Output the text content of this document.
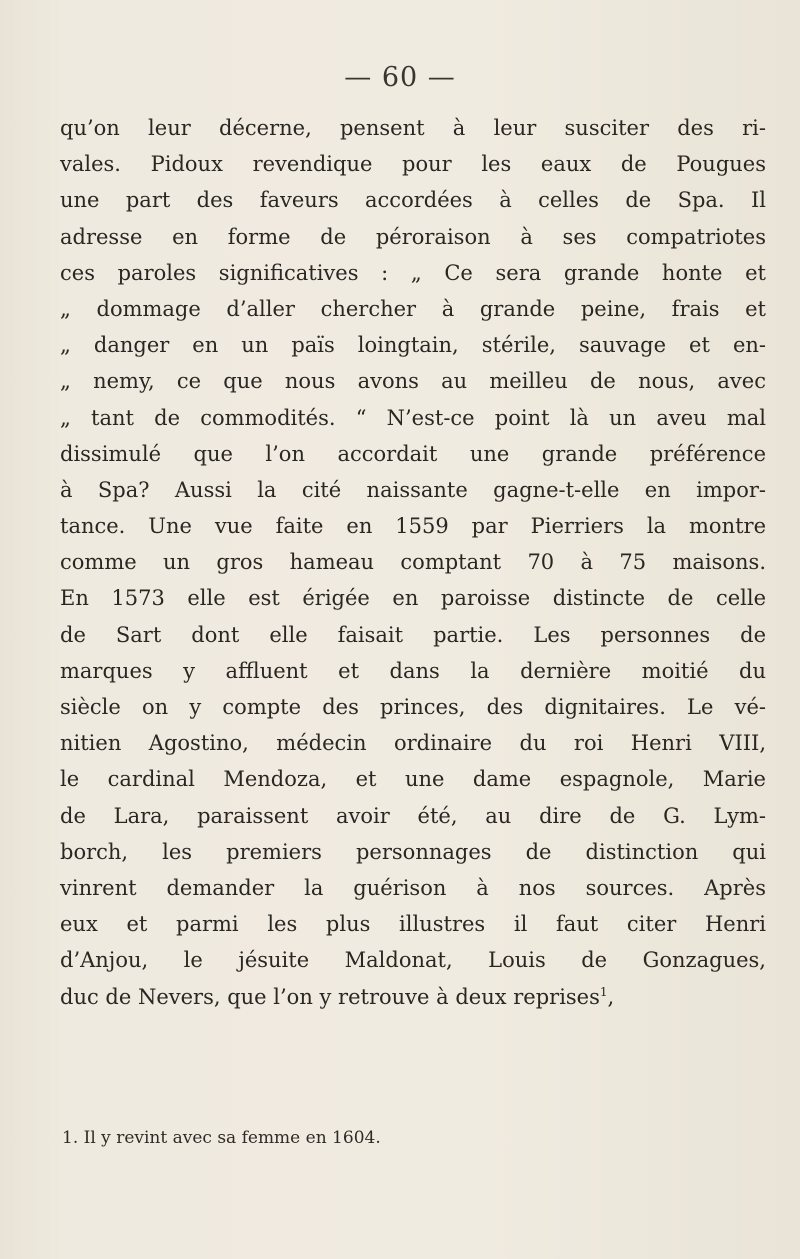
— 60 —
qu’on leur décerne, pensent à leur susciter des ri-
vales. Pidoux revendique pour les eaux de Pougues
une part des faveurs accordées à celles de Spa. Il
adresse en forme de péroraison à ses compatriotes
ces paroles significatives : „ Ce sera grande honte et
„ dommage d’aller chercher à grande peine, frais et
„ danger en un païs loingtain, stérile, sauvage et en-
„ nemy, ce que nous avons au meilleu de nous, avec
„ tant de commodités. “ N’est-ce point là un aveu mal
dissimulé que l’on accordait une grande préférence
à Spa? Aussi la cité naissante gagne-t-elle en impor-
tance. Une vue faite en 1559 par Pierriers la montre
comme un gros hameau comptant 70 à 75 maisons.
En 1573 elle est érigée en paroisse distincte de celle
de Sart dont elle faisait partie. Les personnes de
marques y affluent et dans la dernière moitié du
siècle on y compte des princes, des dignitaires. Le vé-
nitien Agostino, médecin ordinaire du roi Henri VIII,
le cardinal Mendoza, et une dame espagnole, Marie
de Lara, paraissent avoir été, au dire de G. Lym-
borch, les premiers personnages de distinction qui
vinrent demander la guérison à nos sources. Après
eux et parmi les plus illustres il faut citer Henri
d’Anjou, le jésuite Maldonat, Louis de Gonzagues,
duc de Nevers, que l’on y retrouve à deux reprises$^1$,
1. Il y revint avec sa femme en 1604.
